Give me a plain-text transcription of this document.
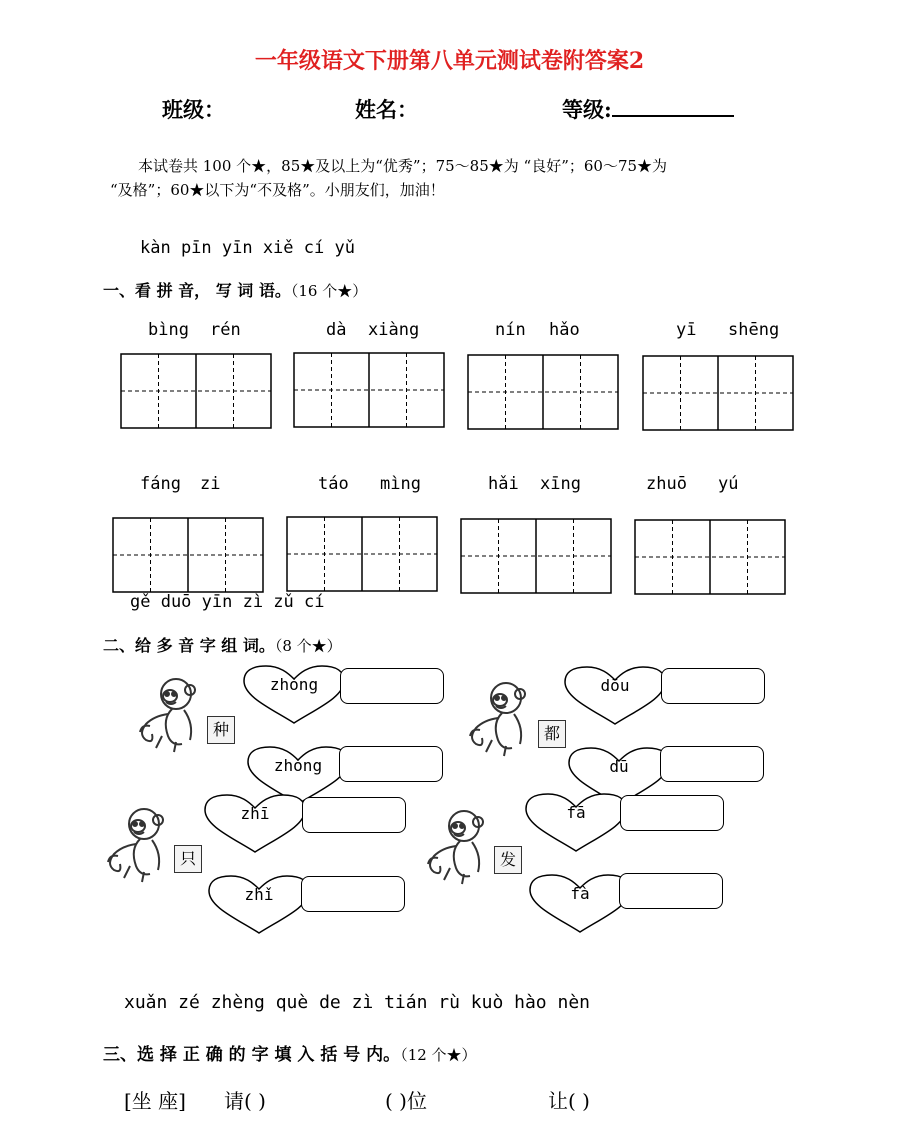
一年级语文下册第八单元测试卷附答案2
班级：	姓名：	等级:
本试卷共 100 个★，85★及以上为“优秀”；75～85★为 “良好”；60～75★为
“及格”；60★以下为“不及格”。小朋友们，加油！
kàn pīn yīn xiě cí yǔ
一、看 拼 音， 写 词 语。（16 个★）
bìng rén	dà xiàng	nín hǎo	yī shēng
fáng zi	táo mìng	hǎi xīng	zhuō yú
gě duō yīn zì zǔ cí
二、给 多 音 字 组 词。（8 个★）
种
zhòng
zhǒng
都
dōu
dū
只
zhī
zhǐ
发
fā
fà
xuǎn zé zhèng què de zì tián rù kuò hào nèn
三、选 择 正 确 的 字 填 入 括 号 内。（12 个★）
[坐 座] 请( )	( )位	让( )
